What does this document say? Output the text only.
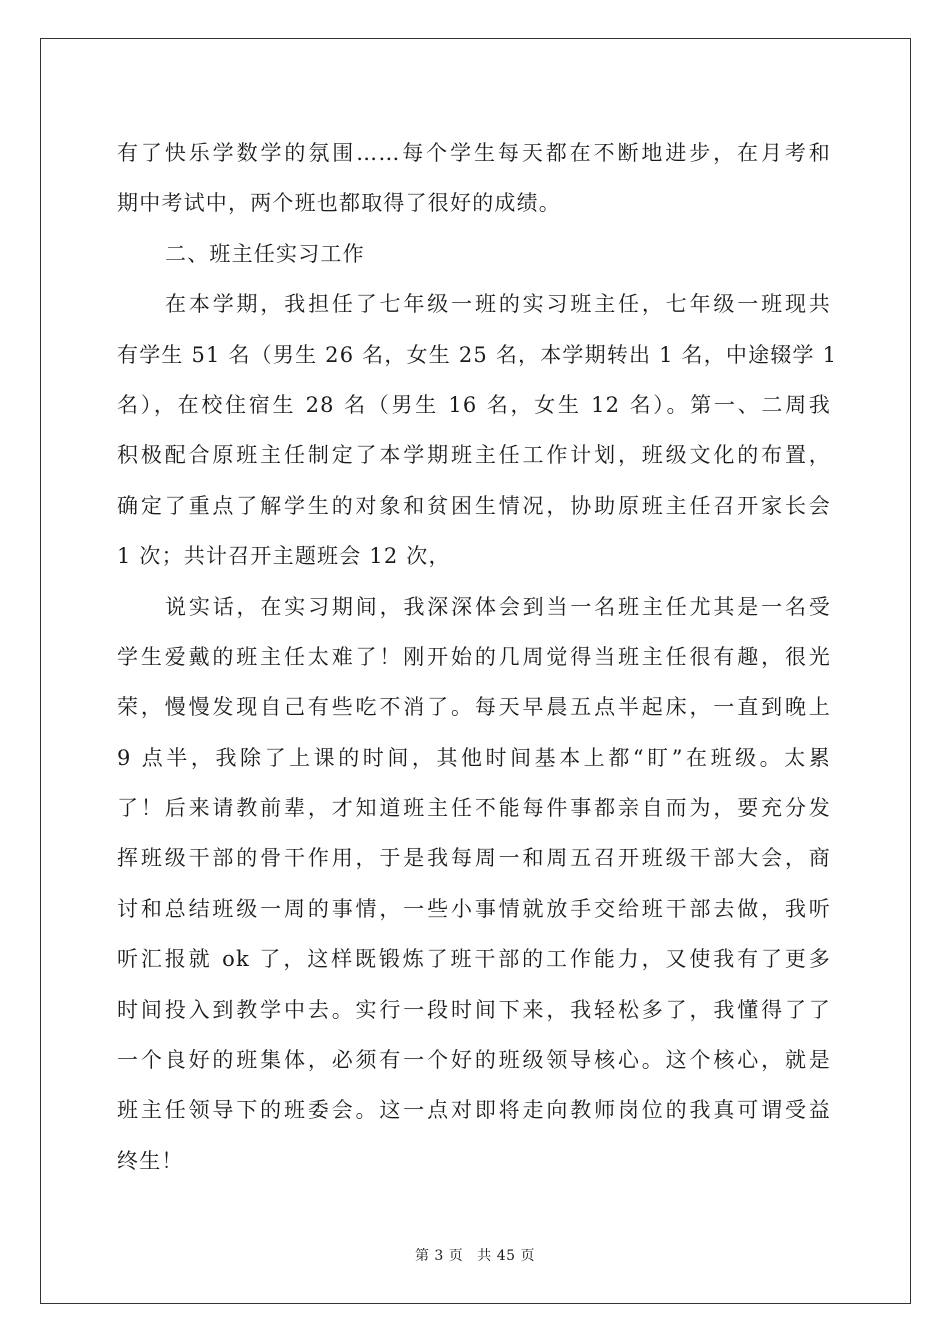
有了快乐学数学的氛围……每个学生每天都在不断地进步，在月考和
期中考试中，两个班也都取得了很好的成绩。
二、班主任实习工作
在本学期，我担任了七年级一班的实习班主任，七年级一班现共
有学生 51 名（男生 26 名，女生 25 名，本学期转出 1 名，中途辍学 1
名），在校住宿生 28 名（男生 16 名，女生 12 名）。第一、二周我
积极配合原班主任制定了本学期班主任工作计划，班级文化的布置，
确定了重点了解学生的对象和贫困生情况，协助原班主任召开家长会
1 次；共计召开主题班会 12 次，
说实话，在实习期间，我深深体会到当一名班主任尤其是一名受
学生爱戴的班主任太难了！刚开始的几周觉得当班主任很有趣，很光
荣，慢慢发现自己有些吃不消了。每天早晨五点半起床，一直到晚上
9 点半，我除了上课的时间，其他时间基本上都“盯”在班级。太累
了！后来请教前辈，才知道班主任不能每件事都亲自而为，要充分发
挥班级干部的骨干作用，于是我每周一和周五召开班级干部大会，商
讨和总结班级一周的事情，一些小事情就放手交给班干部去做，我听
听汇报就 ok 了，这样既锻炼了班干部的工作能力，又使我有了更多
时间投入到教学中去。实行一段时间下来，我轻松多了，我懂得了了
一个良好的班集体，必须有一个好的班级领导核心。这个核心，就是
班主任领导下的班委会。这一点对即将走向教师岗位的我真可谓受益
终生！
第 3 页 共 45 页
